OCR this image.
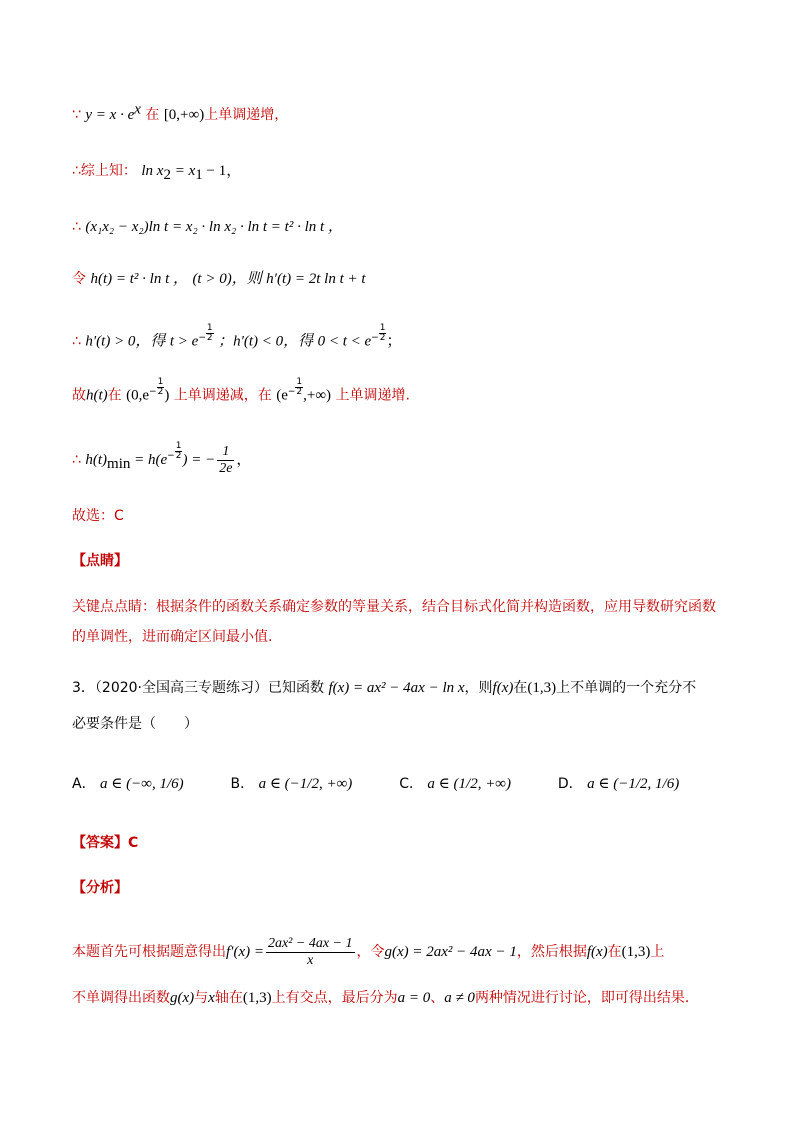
∵ $y = x \cdot e^x$ 在 [0,+∞)上单调递增，
∴综上知： $\ln x_2 = x_1 - 1$，
∴ (x₁x₂ − x₂)ln t = x₂ · ln x₂ · ln t = t² · ln t ，
令 h(t) = t² · ln t ， (t > 0)，则 h′(t) = 2t ln t + t
∴ h′(t) > 0，得 $t > e - \frac{1}{2}$ ；h′(t) < 0，得 $0 < t < e - \frac{1}{2}$ ；
故h(t)在 ($0,e - \frac{1}{2}$ ) 上单调递减，在 ($e - \frac{1}{2}$ ,+∞) 上单调递增.
∴ $h(t)_{min} = h(e - \frac{1}{2}$ ) = − $\frac{1}{2e}$ ，
故选：C
【点睛】
关键点点睛：根据条件的函数关系确定参数的等量关系，结合目标式化简并构造函数，应用导数研究函数
的单调性，进而确定区间最小值.
3．（2020·全国高三专题练习）已知函数 f(x) = ax² − 4ax − ln x，则f(x)在(1,3)上不单调的一个充分不
必要条件是（　　）
A． a ∈ (−∞, 1/6)	B． a ∈ (−1/2, +∞)	C． a ∈ (1/2, +∞)	D． a ∈ (−1/2, 1/6)
【答案】C
【分析】
本题首先可根据题意得出$f'(x) = \frac{\text{2ax² − 4ax − 1}}{x}$ ，令g(x) = 2ax² − 4ax − 1，然后根据f(x)在(1,3)上
不单调得出函数g(x)与x轴在(1,3)上有交点，最后分为a = 0、a ≠ 0两种情况进行讨论，即可得出结果.
